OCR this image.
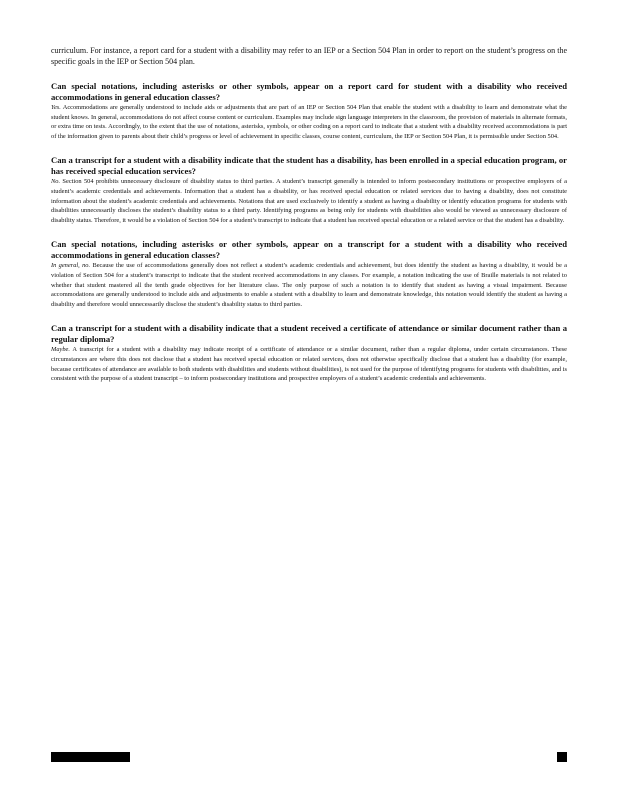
curriculum. For instance, a report card for a student with a disability may refer to an IEP or a Section 504 Plan in order to report on the student’s progress on the specific goals in the IEP or Section 504 plan.

Can special notations, including asterisks or other symbols, appear on a report card for student with a disability who received accommodations in general education classes?

Yes. Accommodations are generally understood to include aids or adjustments that are part of an IEP or Section 504 Plan that enable the student with a disability to learn and demonstrate what the student knows. In general, accommodations do not affect course content or curriculum. Examples may include sign language interpreters in the classroom, the provision of materials in alternate formats, or extra time on tests. Accordingly, to the extent that the use of notations, asterisks, symbols, or other coding on a report card to indicate that a student with a disability received accommodations is part of the information given to parents about their child’s progress or level of achievement in specific classes, course content, curriculum, the IEP or Section 504 Plan, it is permissible under Section 504.

Can a transcript for a student with a disability indicate that the student has a disability, has been enrolled in a special education program, or has received special education services?

No. Section 504 prohibits unnecessary disclosure of disability status to third parties. A student’s transcript generally is intended to inform postsecondary institutions or prospective employers of a student’s academic credentials and achievements. Information that a student has a disability, or has received special education or related services due to having a disability, does not constitute information about the student’s academic credentials and achievements. Notations that are used exclusively to identify a student as having a disability or identify education programs for students with disabilities unnecessarily discloses the student’s disability status to a third party. Identifying programs as being only for students with disabilities also would be viewed as unnecessary disclosure of disability status. Therefore, it would be a violation of Section 504 for a student’s transcript to indicate that a student has received special education or a related service or that the student has a disability.

Can special notations, including asterisks or other symbols, appear on a transcript for a student with a disability who received accommodations in general education classes?

In general, no. Because the use of accommodations generally does not reflect a student’s academic credentials and achievement, but does identify the student as having a disability, it would be a violation of Section 504 for a student’s transcript to indicate that the student received accommodations in any classes. For example, a notation indicating the use of Braille materials is not related to whether that student mastered all the tenth grade objectives for her literature class. The only purpose of such a notation is to identify that student as having a visual impairment. Because accommodations are generally understood to include aids and adjustments to enable a student with a disability to learn and demonstrate knowledge, this notation would identify the student as having a disability and therefore would unnecessarily disclose the student’s disability status to third parties.

Can a transcript for a student with a disability indicate that a student received a certificate of attendance or similar document rather than a regular diploma?

Maybe. A transcript for a student with a disability may indicate receipt of a certificate of attendance or a similar document, rather than a regular diploma, under certain circumstances. These circumstances are where this does not disclose that a student has received special education or related services, does not otherwise specifically disclose that a student has a disability (for example, because certificates of attendance are available to both students with disabilities and students without disabilities), is not used for the purpose of identifying programs for students with disabilities, and is consistent with the purpose of a student transcript – to inform postsecondary institutions and prospective employers of a student’s academic credentials and achievements.
